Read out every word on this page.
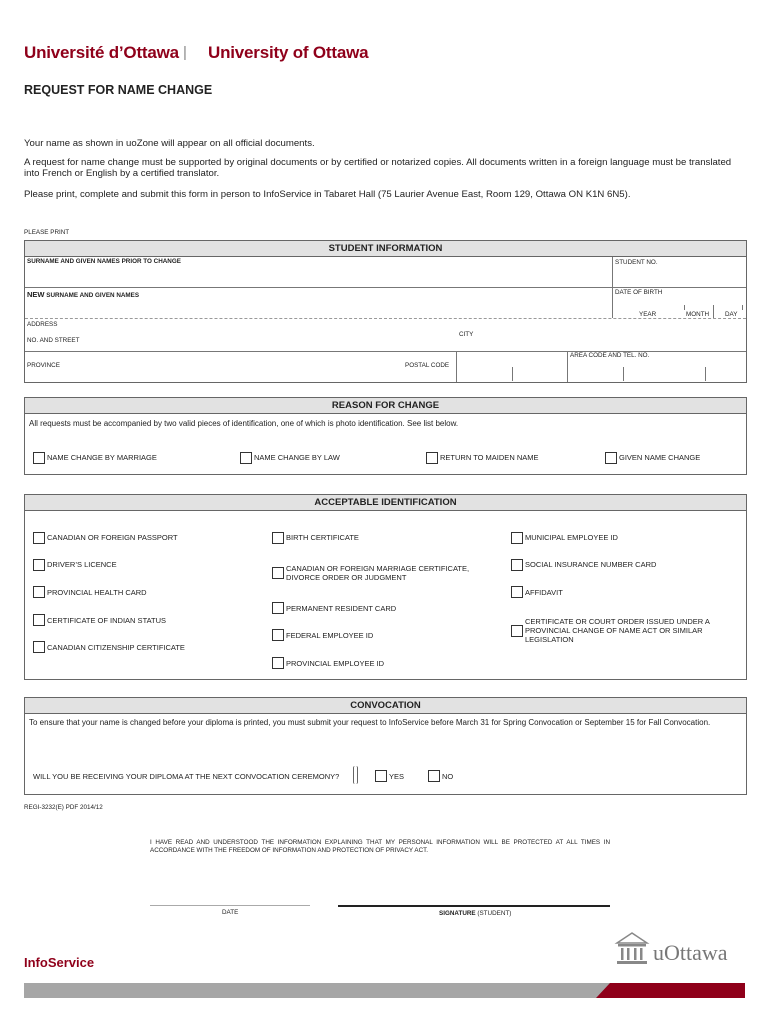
Université d’Ottawa | University of Ottawa
REQUEST FOR NAME CHANGE
Your name as shown in uoZone will appear on all official documents.
A request for name change must be supported by original documents or by certified or notarized copies. All documents written in a foreign language must be translated into French or English by a certified translator.
Please print, complete and submit this form in person to InfoService in Tabaret Hall (75 Laurier Avenue East, Room 129, Ottawa ON K1N 6N5).
PLEASE PRINT
STUDENT INFORMATION
SURNAME AND GIVEN NAMES PRIOR TO CHANGE	STUDENT NO.
NEW SURNAME AND GIVEN NAMES	DATE OF BIRTH
YEAR	MONTH	DAY
ADDRESS
CITY
NO. AND STREET
AREA CODE AND TEL. NO.
PROVINCE	POSTAL CODE
REASON FOR CHANGE
All requests must be accompanied by two valid pieces of identification, one of which is photo identification. See list below.
NAME CHANGE BY MARRIAGE	NAME CHANGE BY LAW	RETURN TO MAIDEN NAME	GIVEN NAME CHANGE
ACCEPTABLE IDENTIFICATION
CANADIAN OR FOREIGN PASSPORT
DRIVER’S LICENCE
PROVINCIAL HEALTH CARD
CERTIFICATE OF INDIAN STATUS
CANADIAN CITIZENSHIP CERTIFICATE
BIRTH CERTIFICATE
CANADIAN OR FOREIGN MARRIAGE CERTIFICATE, DIVORCE ORDER OR JUDGMENT
PERMANENT RESIDENT CARD
FEDERAL EMPLOYEE ID
PROVINCIAL EMPLOYEE ID
MUNICIPAL EMPLOYEE ID
SOCIAL INSURANCE NUMBER CARD
AFFIDAVIT
CERTIFICATE OR COURT ORDER ISSUED UNDER A PROVINCIAL CHANGE OF NAME ACT OR SIMILAR LEGISLATION
CONVOCATION
To ensure that your name is changed before your diploma is printed, you must submit your request to InfoService before March 31 for Spring Convocation or September 15 for Fall Convocation.
WILL YOU BE RECEIVING YOUR DIPLOMA AT THE NEXT CONVOCATION CEREMONY?	YES	NO
REGI-3232(E) PDF 2014/12
I HAVE READ AND UNDERSTOOD THE INFORMATION EXPLAINING THAT MY PERSONAL INFORMATION WILL BE PROTECTED AT ALL TIMES IN ACCORDANCE WITH THE FREEDOM OF INFORMATION AND PROTECTION OF PRIVACY ACT.
DATE	SIGNATURE (STUDENT)
InfoService	uOttawa
